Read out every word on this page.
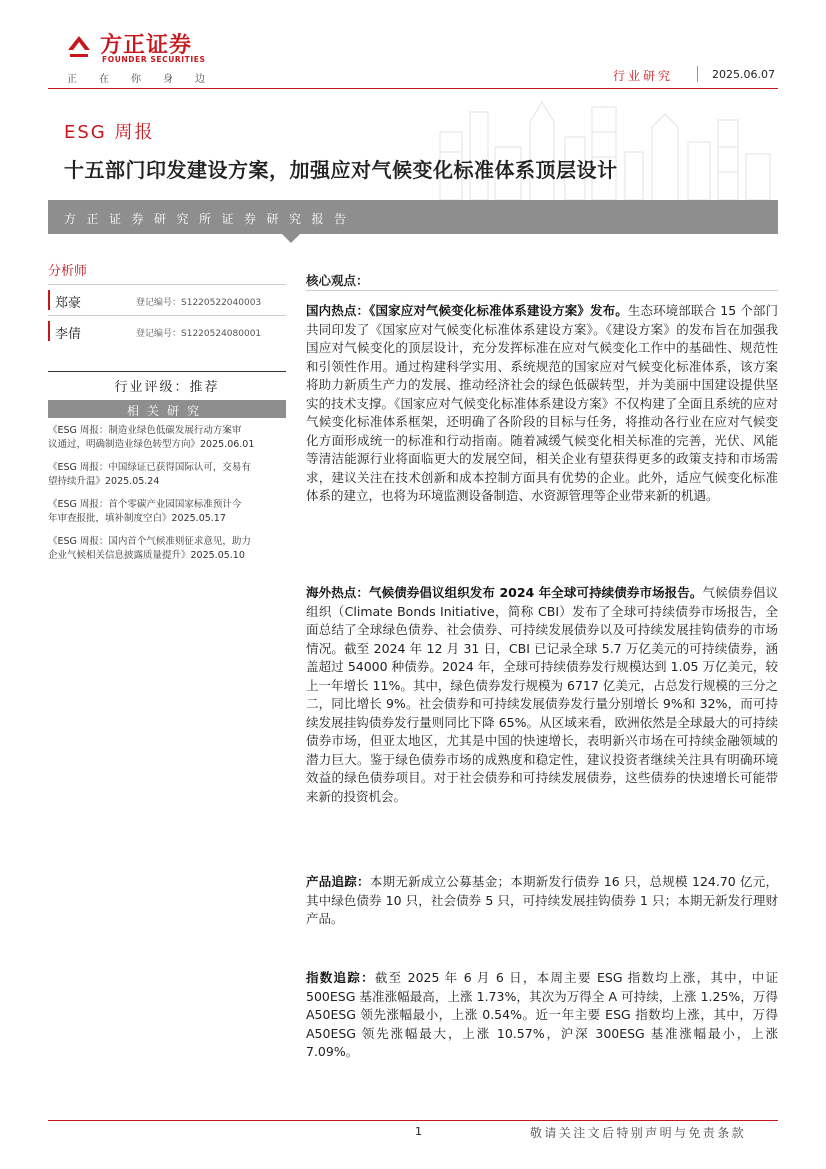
方正证券
FOUNDER SECURITIES
正在你身边	行业研究	2025.06.07
ESG 周报
十五部门印发建设方案，加强应对气候变化标准体系顶层设计
方正证券研究所证券研究报告
分析师
郑豪	登记编号：S1220522040003
李倩	登记编号：S1220524080001
行业评级：推荐
相关研究
《ESG 周报：制造业绿色低碳发展行动方案审
议通过，明确制造业绿色转型方向》2025.06.01
《ESG 周报：中国绿证已获得国际认可，交易有
望持续升温》2025.05.24
《ESG 周报：首个零碳产业园国家标准预计今
年审查报批，填补制度空白》2025.05.17
《ESG 周报：国内首个气候准则征求意见，助力
企业气候相关信息披露质量提升》2025.05.10
核心观点：
国内热点：《国家应对气候变化标准体系建设方案》发布。生态环境部联合 15 个部门共同印发了《国家应对气候变化标准体系建设方案》。《建设方案》的发布旨在加强我国应对气候变化的顶层设计，充分发挥标准在应对气候变化工作中的基础性、规范性和引领性作用。通过构建科学实用、系统规范的国家应对气候变化标准体系，该方案将助力新质生产力的发展、推动经济社会的绿色低碳转型，并为美丽中国建设提供坚实的技术支撑。《国家应对气候变化标准体系建设方案》不仅构建了全面且系统的应对气候变化标准体系框架，还明确了各阶段的目标与任务，将推动各行业在应对气候变化方面形成统一的标准和行动指南。随着减缓气候变化相关标准的完善，光伏、风能等清洁能源行业将面临更大的发展空间，相关企业有望获得更多的政策支持和市场需求，建议关注在技术创新和成本控制方面具有优势的企业。此外，适应气候变化标准体系的建立，也将为环境监测设备制造、水资源管理等企业带来新的机遇。
海外热点：气候债券倡议组织发布 2024 年全球可持续债券市场报告。气候债券倡议组织（Climate Bonds Initiative，简称 CBI）发布了全球可持续债券市场报告，全面总结了全球绿色债券、社会债券、可持续发展债券以及可持续发展挂钩债券的市场情况。截至 2024 年 12 月 31 日，CBI 已记录全球 5.7 万亿美元的可持续债券，涵盖超过 54000 种债券。2024 年，全球可持续债券发行规模达到 1.05 万亿美元，较上一年增长 11%。其中，绿色债券发行规模为 6717 亿美元，占总发行规模的三分之二，同比增长 9%。社会债券和可持续发展债券发行量分别增长 9%和 32%，而可持续发展挂钩债券发行量则同比下降 65%。从区域来看，欧洲依然是全球最大的可持续债券市场，但亚太地区，尤其是中国的快速增长，表明新兴市场在可持续金融领域的潜力巨大。鉴于绿色债券市场的成熟度和稳定性，建议投资者继续关注具有明确环境效益的绿色债券项目。对于社会债券和可持续发展债券，这些债券的快速增长可能带来新的投资机会。
产品追踪：本期无新成立公募基金；本期新发行债券 16 只，总规模 124.70 亿元，其中绿色债券 10 只，社会债券 5 只，可持续发展挂钩债券 1 只；本期无新发行理财产品。
指数追踪：截至 2025 年 6 月 6 日，本周主要 ESG 指数均上涨，其中，中证 500ESG 基准涨幅最高，上涨 1.73%，其次为万得全 A 可持续，上涨 1.25%，万得 A50ESG 领先涨幅最小，上涨 0.54%。近一年主要 ESG 指数均上涨，其中，万得 A50ESG 领先涨幅最大，上涨 10.57%，沪深 300ESG 基准涨幅最小，上涨 7.09%。
1	敬请关注文后特别声明与免责条款
